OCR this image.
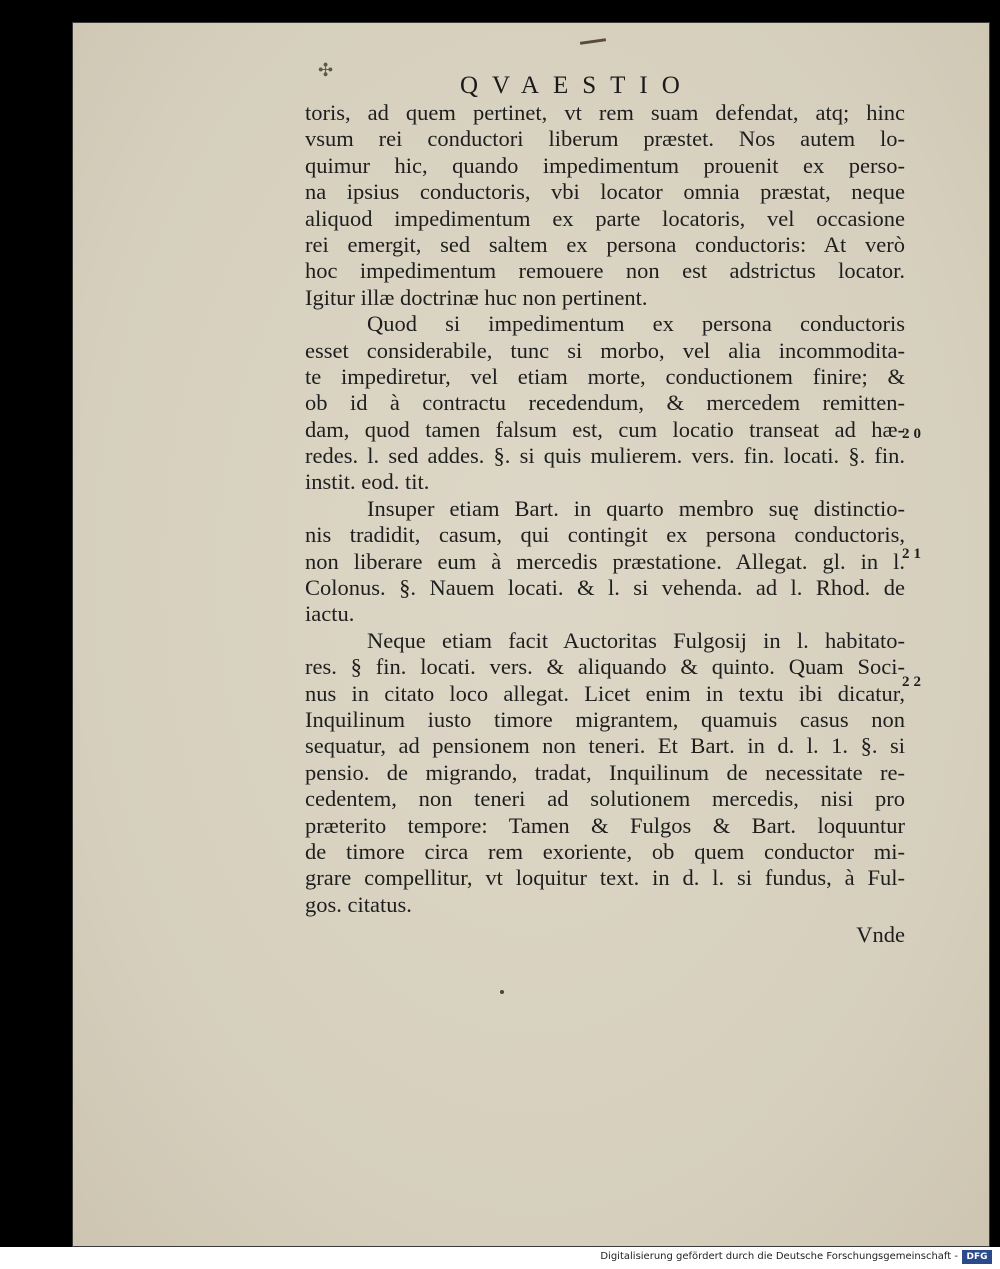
✣
QVAESTIO
toris, ad quem pertinet, vt rem suam defendat, atq; hinc
vsum rei conductori liberum præstet. Nos autem lo-
quimur hic, quando impedimentum prouenit ex perso-
na ipsius conductoris, vbi locator omnia præstat, neque
aliquod impedimentum ex parte locatoris, vel occasione
rei emergit, sed saltem ex persona conductoris: At verò
hoc impedimentum remouere non est adstrictus locator.
Igitur illæ doctrinæ huc non pertinent.
Quod si impedimentum ex persona conductoris
esset considerabile, tunc si morbo, vel alia incommodita-
te impediretur, vel etiam morte, conductionem finire; &
ob id à contractu recedendum, & mercedem remitten-
dam, quod tamen falsum est, cum locatio transeat ad hæ-
redes. l. sed addes. §. si quis mulierem. vers. fin. locati. §. fin.
instit. eod. tit.
Insuper etiam Bart. in quarto membro suę distinctio-
nis tradidit, casum, qui contingit ex persona conductoris,
non liberare eum à mercedis præstatione. Allegat. gl. in l.
Colonus. §. Nauem locati. & l. si vehenda. ad l. Rhod. de
iactu.
Neque etiam facit Auctoritas Fulgosij in l. habitato-
res. § fin. locati. vers. & aliquando & quinto. Quam Soci-
nus in citato loco allegat. Licet enim in textu ibi dicatur,
Inquilinum iusto timore migrantem, quamuis casus non
sequatur, ad pensionem non teneri. Et Bart. in d. l. 1. §. si
pensio. de migrando, tradat, Inquilinum de necessitate re-
cedentem, non teneri ad solutionem mercedis, nisi pro
præterito tempore: Tamen & Fulgos & Bart. loquuntur
de timore circa rem exoriente, ob quem conductor mi-
grare compellitur, vt loquitur text. in d. l. si fundus, à Ful-
gos. citatus.
Vnde
20
21
22
Digitalisierung gefördert durch die Deutsche Forschungsgemeinschaft - DFG
